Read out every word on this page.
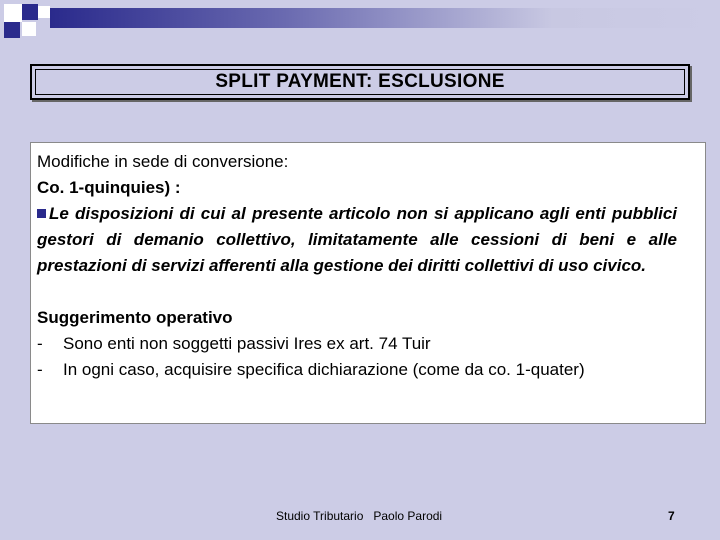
SPLIT PAYMENT: ESCLUSIONE
Modifiche in sede di conversione:
Co. 1-quinquies) :
Le disposizioni di cui al presente articolo non si applicano agli enti pubblici gestori di demanio collettivo, limitatamente alle cessioni di beni e alle prestazioni di servizi afferenti alla gestione dei diritti collettivi di uso civico.
Suggerimento operativo
- Sono enti non soggetti passivi Ires ex art. 74 Tuir
- In ogni caso, acquisire specifica dichiarazione (come da co. 1-quater)
Studio Tributario   Paolo Parodi	7
